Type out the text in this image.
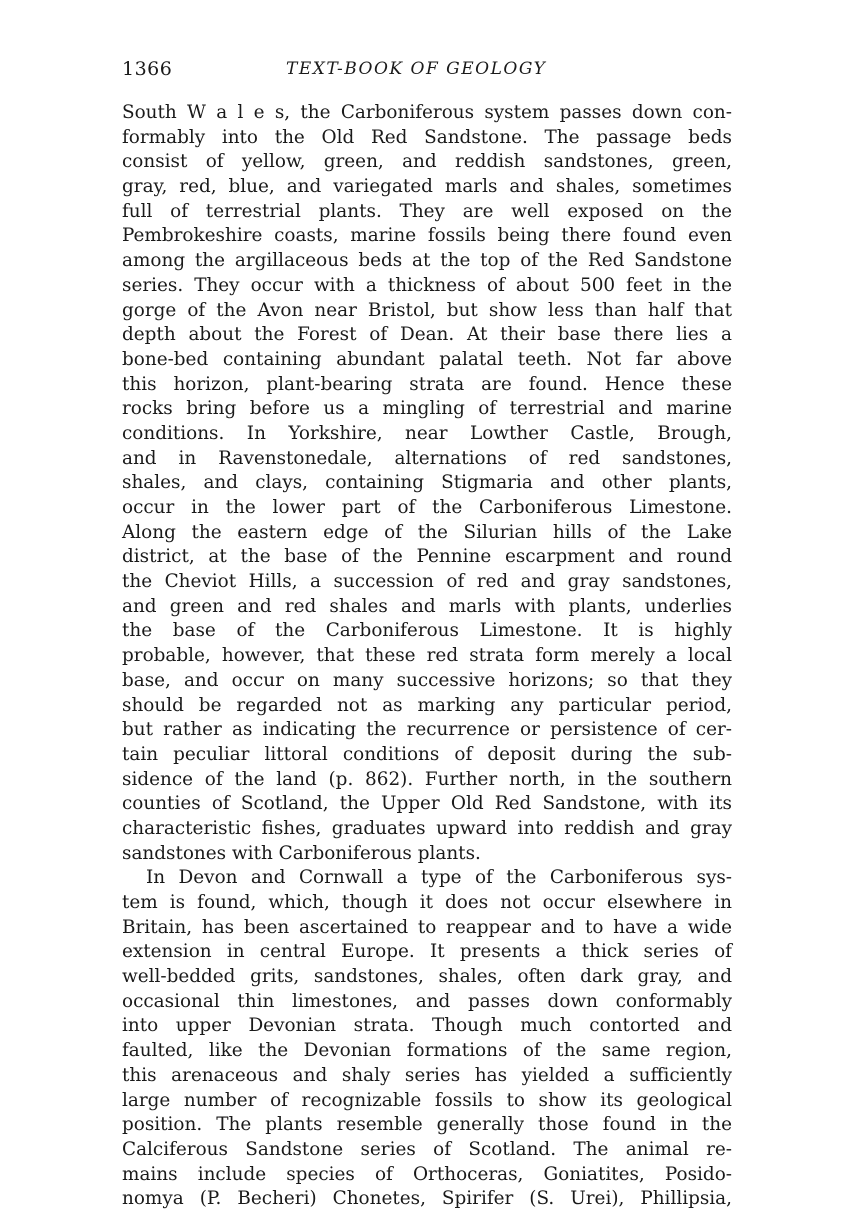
1366	TEXT-BOOK OF GEOLOGY
South W a l e s, the Carboniferous system passes down con-
formably into the Old Red Sandstone. The passage beds
consist of yellow, green, and reddish sandstones, green,
gray, red, blue, and variegated marls and shales, sometimes
full of terrestrial plants. They are well exposed on the
Pembrokeshire coasts, marine fossils being there found even
among the argillaceous beds at the top of the Red Sandstone
series. They occur with a thickness of about 500 feet in the
gorge of the Avon near Bristol, but show less than half that
depth about the Forest of Dean. At their base there lies a
bone-bed containing abundant palatal teeth. Not far above
this horizon, plant-bearing strata are found. Hence these
rocks bring before us a mingling of terrestrial and marine
conditions. In Yorkshire, near Lowther Castle, Brough,
and in Ravenstonedale, alternations of red sandstones,
shales, and clays, containing Stigmaria and other plants,
occur in the lower part of the Carboniferous Limestone.
Along the eastern edge of the Silurian hills of the Lake
district, at the base of the Pennine escarpment and round
the Cheviot Hills, a succession of red and gray sandstones,
and green and red shales and marls with plants, underlies
the base of the Carboniferous Limestone. It is highly
probable, however, that these red strata form merely a local
base, and occur on many successive horizons; so that they
should be regarded not as marking any particular period,
but rather as indicating the recurrence or persistence of cer-
tain peculiar littoral conditions of deposit during the sub-
sidence of the land (p. 862). Further north, in the southern
counties of Scotland, the Upper Old Red Sandstone, with its
characteristic fishes, graduates upward into reddish and gray
sandstones with Carboniferous plants.
In Devon and Cornwall a type of the Carboniferous sys-
tem is found, which, though it does not occur elsewhere in
Britain, has been ascertained to reappear and to have a wide
extension in central Europe. It presents a thick series of
well-bedded grits, sandstones, shales, often dark gray, and
occasional thin limestones, and passes down conformably
into upper Devonian strata. Though much contorted and
faulted, like the Devonian formations of the same region,
this arenaceous and shaly series has yielded a sufficiently
large number of recognizable fossils to show its geological
position. The plants resemble generally those found in the
Calciferous Sandstone series of Scotland. The animal re-
mains include species of Orthoceras, Goniatites, Posido-
nomya (P. Becheri) Chonetes, Spirifer (S. Urei), Phillipsia,
